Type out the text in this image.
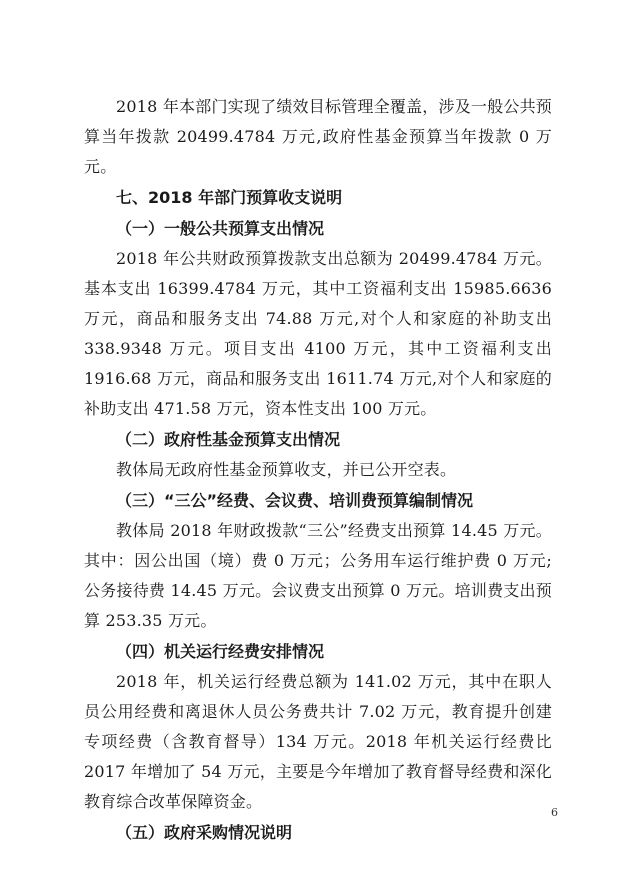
2018 年本部门实现了绩效目标管理全覆盖，涉及一般公共预算当年拨款 20499.4784 万元,政府性基金预算当年拨款 0 万元。

七、2018 年部门预算收支说明

（一）一般公共预算支出情况

2018 年公共财政预算拨款支出总额为 20499.4784 万元。基本支出 16399.4784 万元，其中工资福利支出 15985.6636 万元，商品和服务支出 74.88 万元,对个人和家庭的补助支出 338.9348 万元。项目支出 4100 万元，其中工资福利支出 1916.68 万元，商品和服务支出 1611.74 万元,对个人和家庭的补助支出 471.58 万元，资本性支出 100 万元。

（二）政府性基金预算支出情况

教体局无政府性基金预算收支，并已公开空表。

（三）“三公”经费、会议费、培训费预算编制情况

教体局 2018 年财政拨款“三公”经费支出预算 14.45 万元。其中：因公出国（境）费 0 万元；公务用车运行维护费 0 万元;公务接待费 14.45 万元。会议费支出预算 0 万元。培训费支出预算 253.35 万元。

（四）机关运行经费安排情况

2018 年，机关运行经费总额为 141.02 万元，其中在职人员公用经费和离退休人员公务费共计 7.02 万元，教育提升创建专项经费（含教育督导）134 万元。2018 年机关运行经费比 2017 年增加了 54 万元，主要是今年增加了教育督导经费和深化教育综合改革保障资金。

（五）政府采购情况说明

6
